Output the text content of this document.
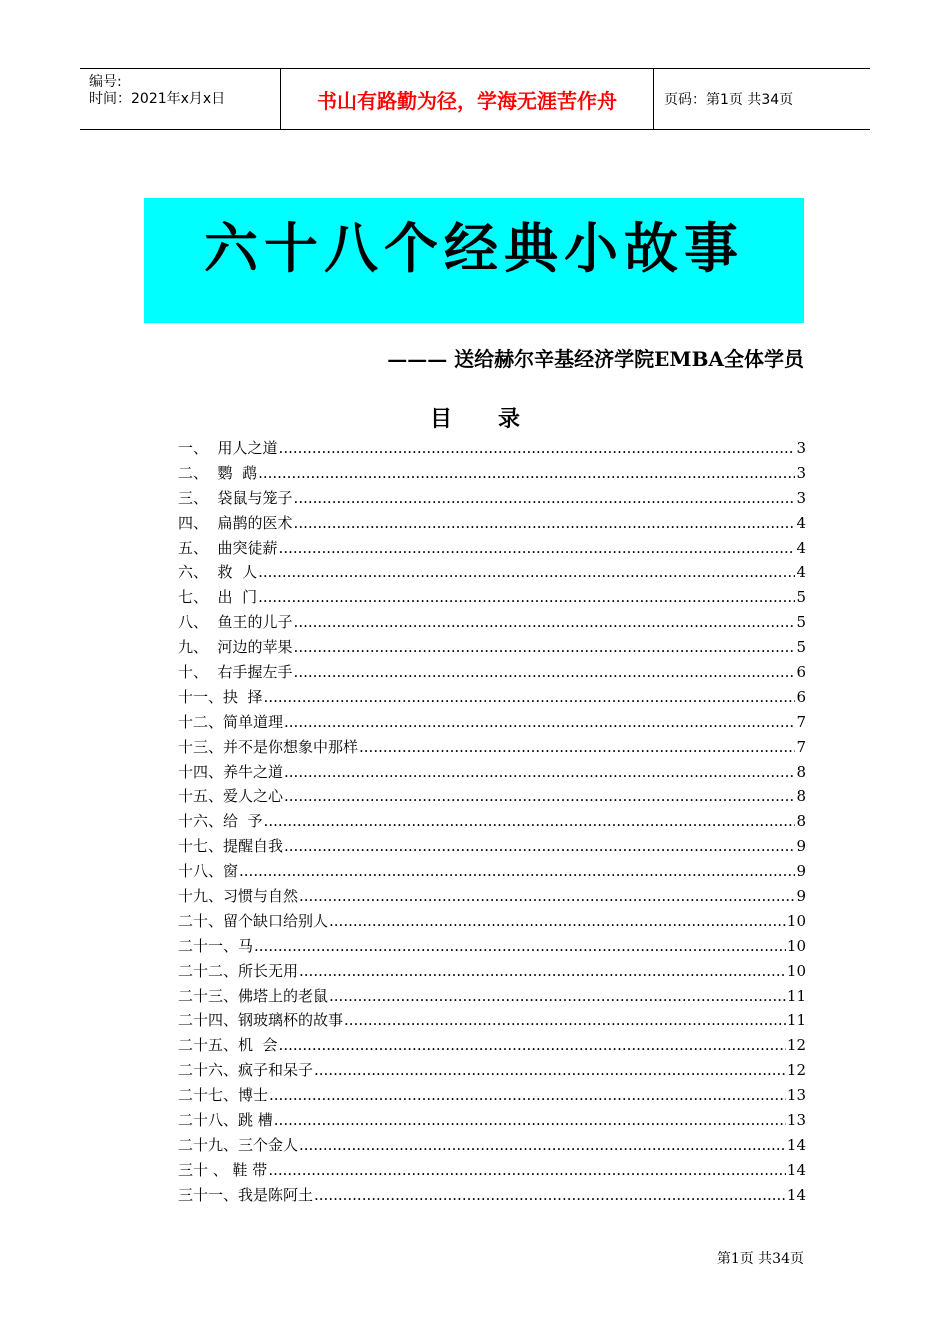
编号:
时间：2021年x月x日	书山有路勤为径，学海无涯苦作舟	页码：第1页 共34页
六十八个经典小故事
——— 送给赫尔辛基经济学院EMBA全体学员
目录
一、  用人之道 .....	3
二、  鹦  鹉 .....	3
三、  袋鼠与笼子 .....	3
四、  扁鹊的医术 .....	4
五、  曲突徒薪 .....	4
六、  救  人 .....	4
七、  出  门 .....	5
八、  鱼王的儿子 .....	5
九、  河边的苹果 .....	5
十、  右手握左手 .....	6
十一、抉  择 .....	6
十二、简单道理 .....	7
十三、并不是你想象中那样 .....	7
十四、养牛之道 .....	8
十五、爱人之心 .....	8
十六、给  予 .....	8
十七、提醒自我 .....	9
十八、窗 .....	9
十九、习惯与自然 .....	9
二十、留个缺口给别人 .....	10
二十一、马 .....	10
二十二、所长无用 .....	10
二十三、佛塔上的老鼠 .....	11
二十四、钢玻璃杯的故事 .....	11
二十五、机  会 .....	12
二十六、疯子和呆子 .....	12
二十七、博士 .....	13
二十八、跳 槽 .....	13
二十九、三个金人 .....	14
三十 、 鞋 带 .....	14
三十一、我是陈阿土 .....	14
第1页 共34页
